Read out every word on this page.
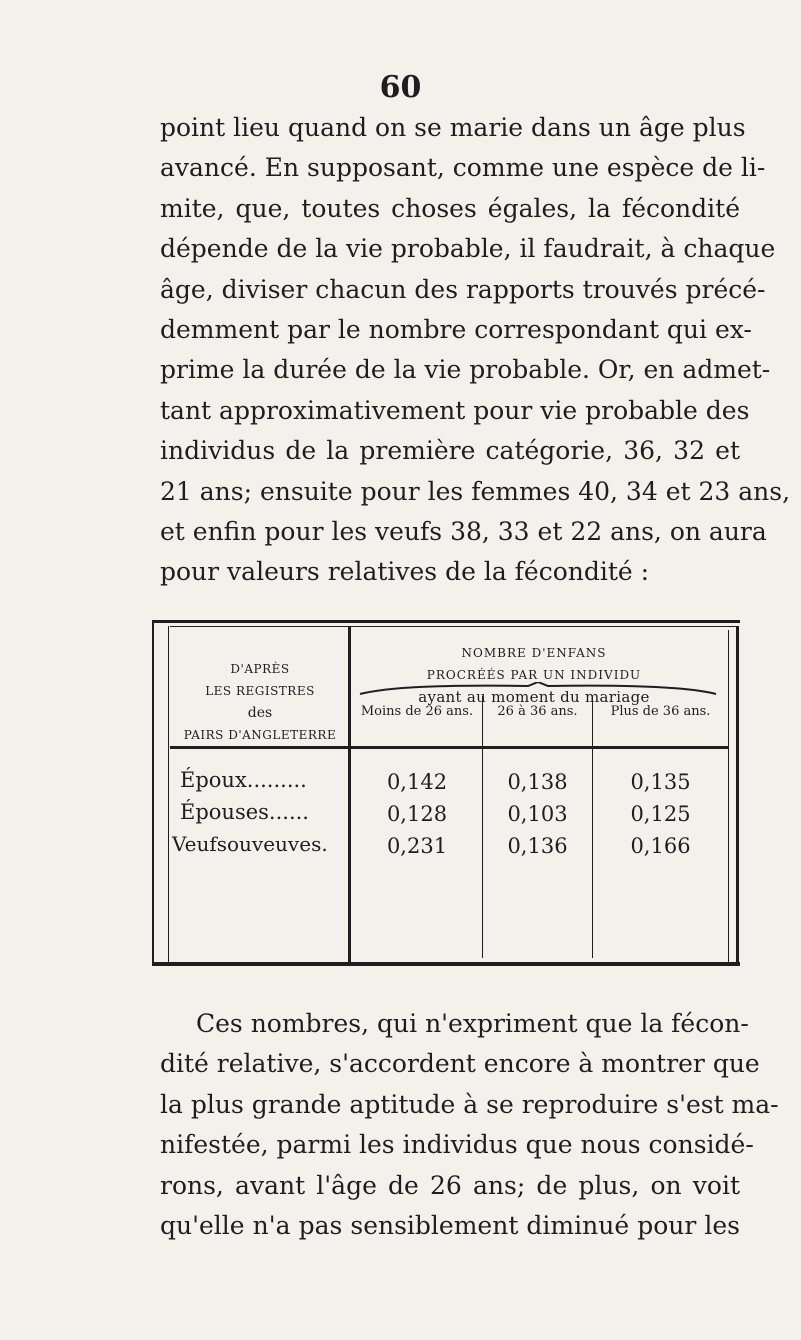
60

point lieu quand on se marie dans un âge plus
avancé. En supposant, comme une espèce de li-
mite, que, toutes choses égales, la fécondité
dépende de la vie probable, il faudrait, à chaque
âge, diviser chacun des rapports trouvés précé-
demment par le nombre correspondant qui ex-
prime la durée de la vie probable. Or, en admet-
tant approximativement pour vie probable des
individus de la première catégorie, 36, 32 et
21 ans; ensuite pour les femmes 40, 34 et 23 ans,
et enfin pour les veufs 38, 33 et 22 ans, on aura
pour valeurs relatives de la fécondité :

D'APRÈS
LES REGISTRES
des
PAIRS D'ANGLETERRE
NOMBRE D'ENFANS
PROCRÉÉS PAR UN INDIVIDU
ayant au moment du mariage
Moins de 26 ans.	26 à 36 ans.	Plus de 36 ans.
Époux.........	0,142	0,138	0,135
Épouses......	0,128	0,103	0,125
Veufsouveuves.	0,231	0,136	0,166

Ces nombres, qui n'expriment que la fécon-
dité relative, s'accordent encore à montrer que
la plus grande aptitude à se reproduire s'est ma-
nifestée, parmi les individus que nous considé-
rons, avant l'âge de 26 ans; de plus, on voit
qu'elle n'a pas sensiblement diminué pour les
